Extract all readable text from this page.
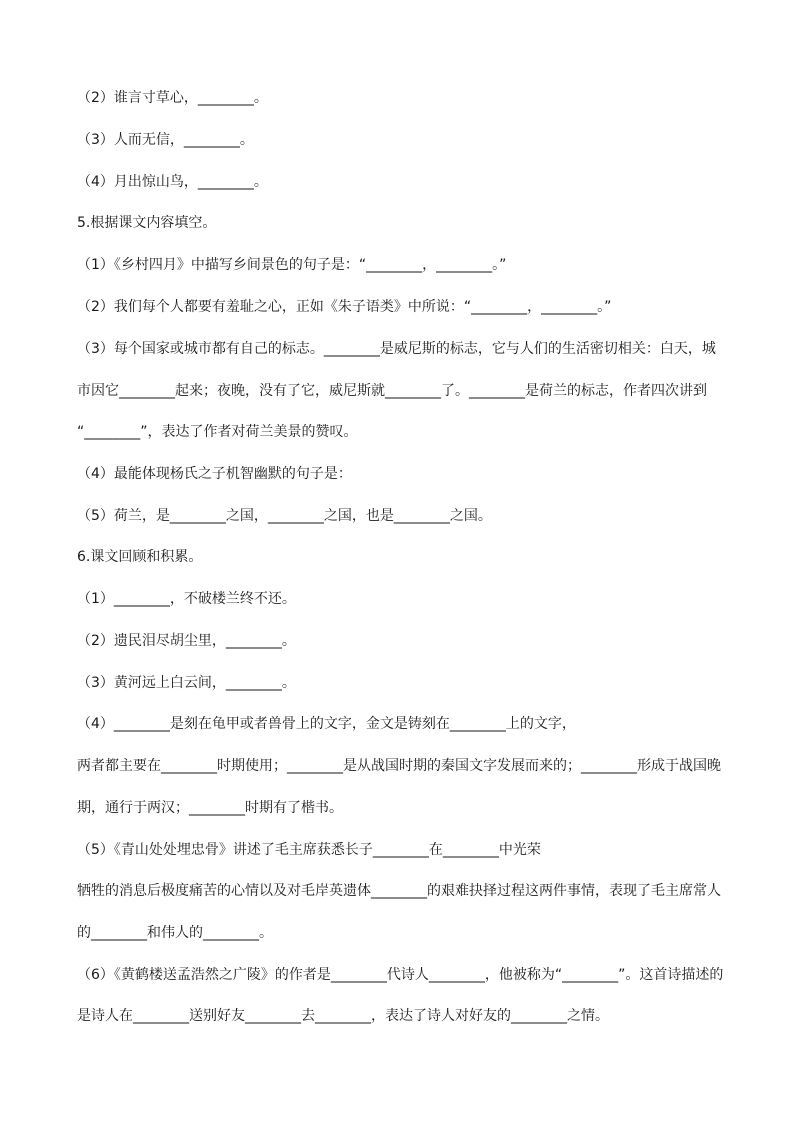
（2）谁言寸草心，________。
（3）人而无信，________。
（4）月出惊山鸟，________。
5.根据课文内容填空。
（1）《乡村四月》中描写乡间景色的句子是：“________，________。”
（2）我们每个人都要有羞耻之心，正如《朱子语类》中所说：“________，________。”
（3）每个国家或城市都有自己的标志。________是威尼斯的标志，它与人们的生活密切相关：白天，城
市因它________起来；夜晚，没有了它，威尼斯就________了。________是荷兰的标志，作者四次讲到
“________”，表达了作者对荷兰美景的赞叹。
（4）最能体现杨氏之子机智幽默的句子是：
（5）荷兰，是________之国，________之国，也是________之国。
6.课文回顾和积累。
（1）________，不破楼兰终不还。
（2）遗民泪尽胡尘里，________。
（3）黄河远上白云间，________。
（4）________是刻在龟甲或者兽骨上的文字，金文是铸刻在________上的文字，
两者都主要在________时期使用；________是从战国时期的秦国文字发展而来的；________形成于战国晚
期，通行于两汉；________时期有了楷书。
（5）《青山处处埋忠骨》讲述了毛主席获悉长子________在________中光荣
牺牲的消息后极度痛苦的心情以及对毛岸英遗体________的艰难抉择过程这两件事情，表现了毛主席常人
的________和伟人的________。
（6）《黄鹤楼送孟浩然之广陵》的作者是________代诗人________，他被称为“________”。这首诗描述的
是诗人在________送别好友________去________，表达了诗人对好友的________之情。
